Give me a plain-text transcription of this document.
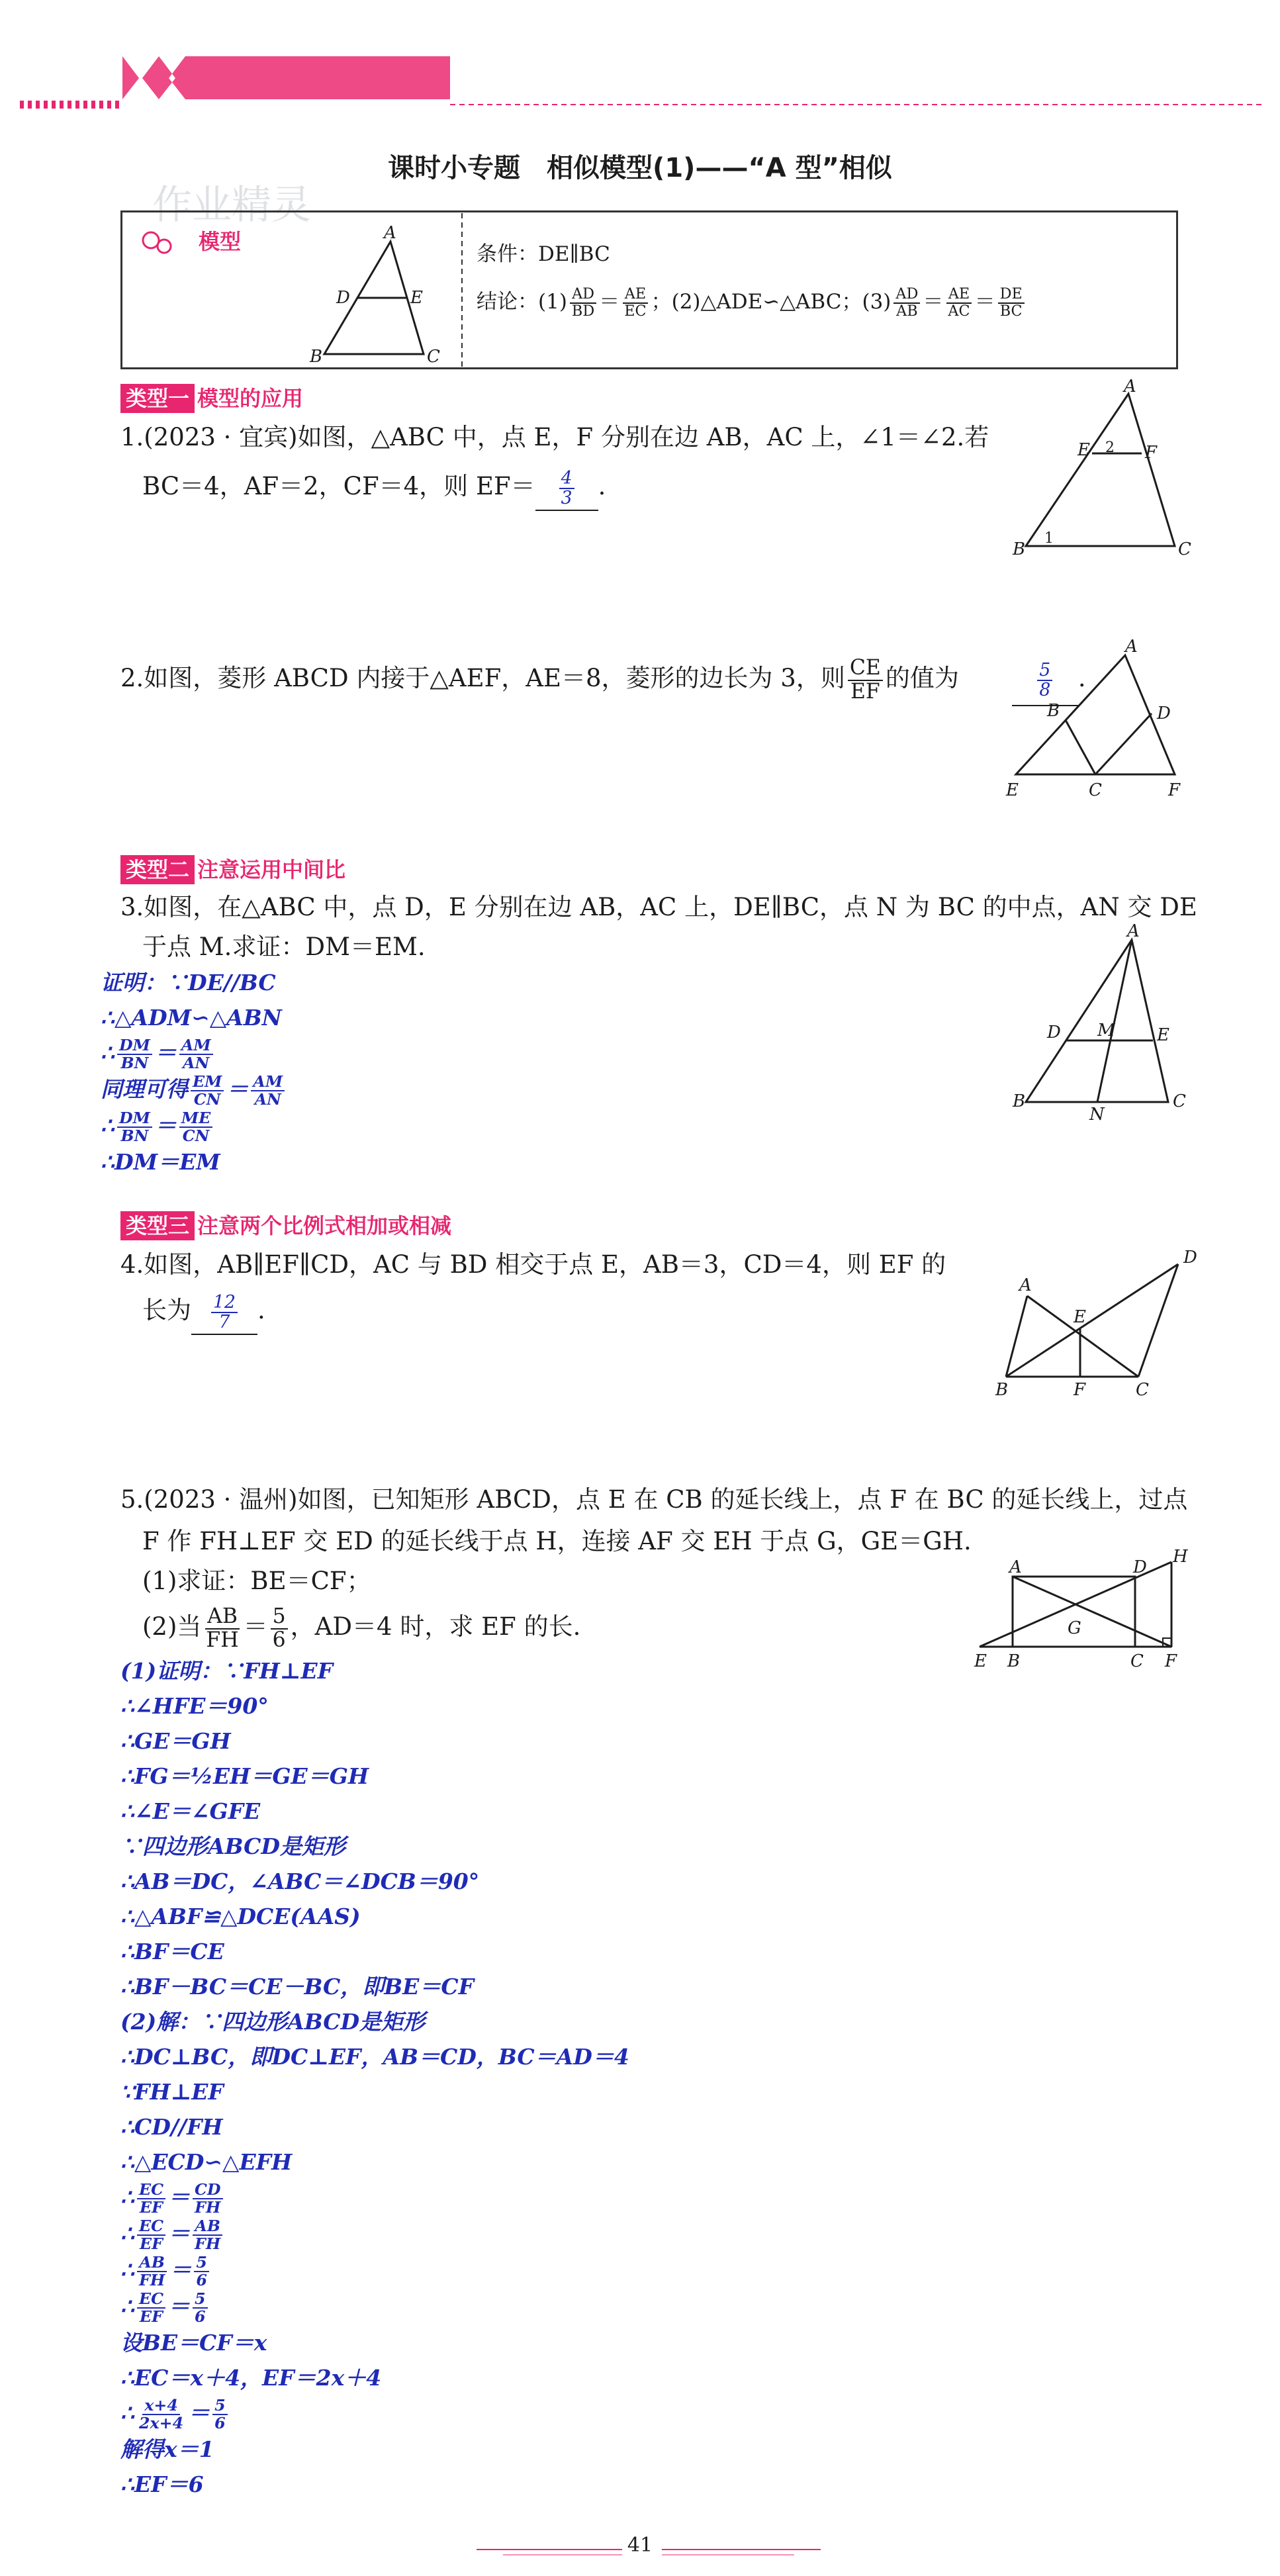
课时小专题　相似模型(1)——“A 型”相似
作业精灵
模型	A
D	E
B	C
条件：DE∥BC
结论：$(1) \frac{AD}{BD} = \frac{AE}{EC}$ ；(2)△ADE∽△ABC；$(3) \frac{AD}{AB} = \frac{AE}{AC} = \frac{DE}{BC}$
类型一 模型的应用
1.(2023 · 宜宾)如图，△ABC 中，点 E，F 分别在边 AB，AC 上，∠1＝∠2.若
BC＝4，AF＝2，CF＝4，则 $EF= \frac{4}{3}$ .
A
E	F
2
1
B	C
2.如图，菱形 ABCD 内接于△AEF，AE＝8，菱形的边长为 3，则 $\frac{CE}{EF}$ 的值为	$\frac{5}{8}$ .
A
B	D
E	C	F
类型二 注意运用中间比
3.如图，在△ABC 中，点 D，E 分别在边 AB，AC 上，DE∥BC，点 N 为 BC 的中点，AN 交 DE
于点 M.求证：DM＝EM.
证明：∵DE//BC
∴△ADM∽△ABN
∴ $\frac{DM}{BN} = \frac{AM}{AN}$
同理可得 $\frac{EM}{CN} = \frac{AM}{AN}$
∴ $\frac{DM}{BN} = \frac{ME}{CN}$
∴DM＝EM
A
D M E
B
N
C
类型三 注意两个比例式相加或相减
4.如图，AB∥EF∥CD，AC 与 BD 相交于点 E，AB＝3，CD＝4，则 EF 的
长为 $\frac{12}{7}$ .
A
D
E
B	F	C
5.(2023 · 温州)如图，已知矩形 ABCD，点 E 在 CB 的延长线上，点 F 在 BC 的延长线上，过点
F 作 FH⊥EF 交 ED 的延长线于点 H，连接 AF 交 EH 于点 G，GE＝GH.
(1)求证：BE＝CF；
(2)当 $\frac{AB}{FH} = \frac{5}{6}$ ，AD＝4 时，求 EF 的长.
A	D
H
G
E B	C F
(1)证明：∵FH⊥EF
∴∠HFE＝90°
∴GE＝GH
∴FG＝½EH＝GE＝GH
∴∠E＝∠GFE
∵四边形ABCD是矩形
∴AB＝DC，∠ABC＝∠DCB＝90°
∴△ABF≌△DCE(AAS)
∴BF＝CE
∴BF－BC＝CE－BC，即BE＝CF
(2)解：∵四边形ABCD是矩形
∴DC⊥BC，即DC⊥EF，AB＝CD，BC＝AD＝4
∵FH⊥EF
∴CD//FH
∴△ECD∽△EFH
∴ $\frac{EC}{EF} = \frac{CD}{FH}$
∴ $\frac{EC}{EF} = \frac{AB}{FH}$
∴ $\frac{AB}{FH} = \frac{5}{6}$
∴ $\frac{EC}{EF} = \frac{5}{6}$
设BE＝CF＝x
∴EC＝x＋4，EF＝2x＋4
∴ $\frac{x+4}{2x+4} = \frac{5}{6}$
解得x＝1
∴EF＝6
41
